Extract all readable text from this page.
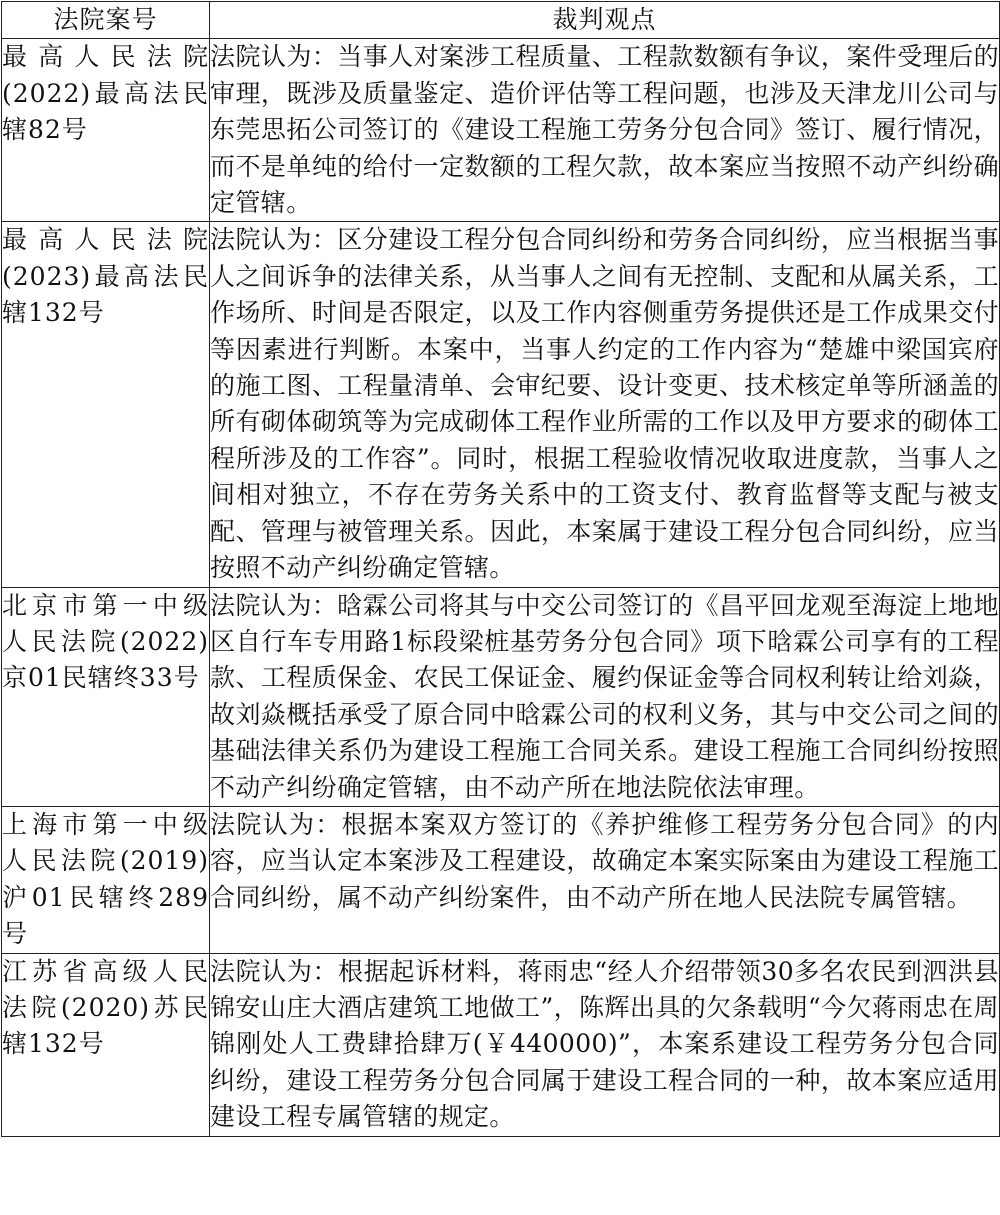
法院案号	裁判观点
最高人民法院(2022)最高法民辖82号	法院认为：当事人对案涉工程质量、工程款数额有争议，案件受理后的审理，既涉及质量鉴定、造价评估等工程问题，也涉及天津龙川公司与东莞思拓公司签订的《建设工程施工劳务分包合同》签订、履行情况，而不是单纯的给付一定数额的工程欠款，故本案应当按照不动产纠纷确定管辖。
最高人民法院(2023)最高法民辖132号	法院认为：区分建设工程分包合同纠纷和劳务合同纠纷，应当根据当事人之间诉争的法律关系，从当事人之间有无控制、支配和从属关系，工作场所、时间是否限定，以及工作内容侧重劳务提供还是工作成果交付等因素进行判断。本案中，当事人约定的工作内容为“楚雄中梁国宾府的施工图、工程量清单、会审纪要、设计变更、技术核定单等所涵盖的所有砌体砌筑等为完成砌体工程作业所需的工作以及甲方要求的砌体工程所涉及的工作容”。同时，根据工程验收情况收取进度款，当事人之间相对独立，不存在劳务关系中的工资支付、教育监督等支配与被支配、管理与被管理关系。因此，本案属于建设工程分包合同纠纷，应当按照不动产纠纷确定管辖。
北京市第一中级人民法院(2022)京01民辖终33号	法院认为：晗霖公司将其与中交公司签订的《昌平回龙观至海淀上地地区自行车专用路1标段梁桩基劳务分包合同》项下晗霖公司享有的工程款、工程质保金、农民工保证金、履约保证金等合同权利转让给刘焱，故刘焱概括承受了原合同中晗霖公司的权利义务，其与中交公司之间的基础法律关系仍为建设工程施工合同关系。建设工程施工合同纠纷按照不动产纠纷确定管辖，由不动产所在地法院依法审理。
上海市第一中级人民法院(2019)沪01民辖终289号	法院认为：根据本案双方签订的《养护维修工程劳务分包合同》的内容，应当认定本案涉及工程建设，故确定本案实际案由为建设工程施工合同纠纷，属不动产纠纷案件，由不动产所在地人民法院专属管辖。
江苏省高级人民法院(2020)苏民辖132号	法院认为：根据起诉材料，蒋雨忠“经人介绍带领30多名农民到泗洪县锦安山庄大酒店建筑工地做工”，陈辉出具的欠条载明“今欠蒋雨忠在周锦刚处人工费肆拾肆万(￥440000)”，本案系建设工程劳务分包合同纠纷，建设工程劳务分包合同属于建设工程合同的一种，故本案应适用建设工程专属管辖的规定。
